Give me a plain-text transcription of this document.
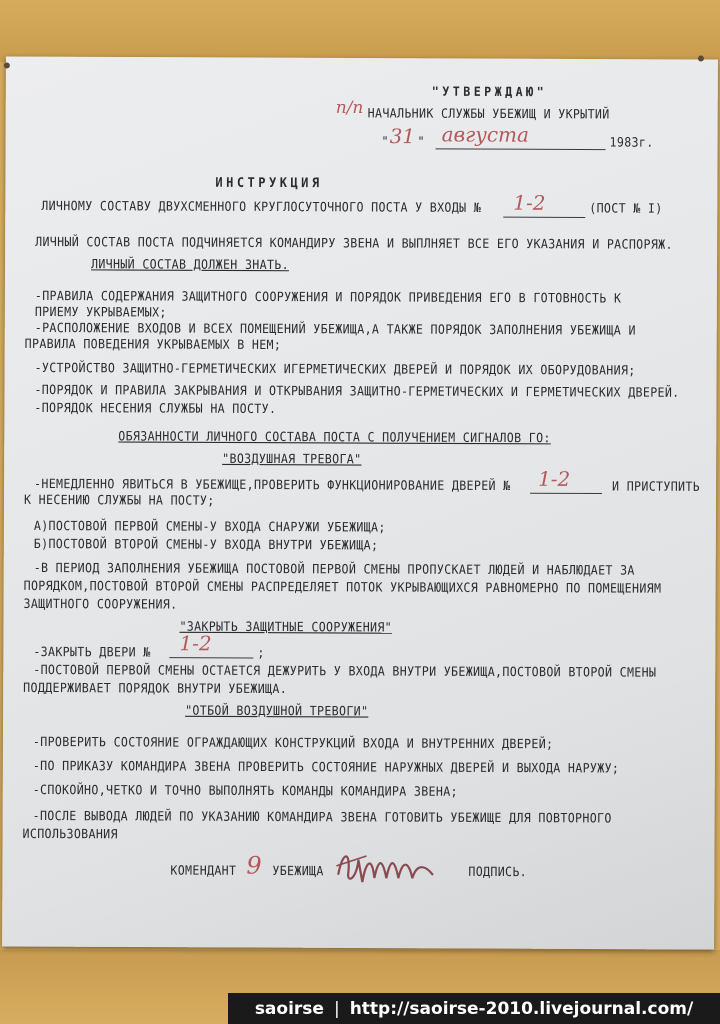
"УТВЕРЖДАЮ"
п/п НАЧАЛЬНИК СЛУЖБЫ УБЕЖИЩ И УКРЫТИЙ
" 31 " августа	1983г.
ИНСТРУКЦИЯ
ЛИЧНОМУ СОСТАВУ ДВУХСМЕННОГО КРУГЛОСУТОЧНОГО ПОСТА У ВХОДЫ № 1-2	(ПОСТ № I)
ЛИЧНЫЙ СОСТАВ ПОСТА ПОДЧИНЯЕТСЯ КОМАНДИРУ ЗВЕНА И ВЫПЛНЯЕТ ВСЕ ЕГО УКАЗАНИЯ И РАСПОРЯЖ.
ЛИЧНЫЙ СОСТАВ ДОЛЖЕН ЗНАТЬ.
-ПРАВИЛА СОДЕРЖАНИЯ ЗАЩИТНОГО СООРУЖЕНИЯ И ПОРЯДОК ПРИВЕДЕНИЯ ЕГО В ГОТОВНОСТЬ К
ПРИЕМУ УКРЫВАЕМЫХ;
-РАСПОЛОЖЕНИЕ ВХОДОВ И ВСЕХ ПОМЕЩЕНИЙ УБЕЖИЩА,А ТАКЖЕ ПОРЯДОК ЗАПОЛНЕНИЯ УБЕЖИЩА И
ПРАВИЛА ПОВЕДЕНИЯ УКРЫВАЕМЫХ В НЕМ;
-УСТРОЙСТВО ЗАЩИТНО-ГЕРМЕТИЧЕСКИХ ИГЕРМЕТИЧЕСКИХ ДВЕРЕЙ И ПОРЯДОК ИХ ОБОРУДОВАНИЯ;
-ПОРЯДОК И ПРАВИЛА ЗАКРЫВАНИЯ И ОТКРЫВАНИЯ ЗАЩИТНО-ГЕРМЕТИЧЕСКИХ И ГЕРМЕТИЧЕСКИХ ДВЕРЕЙ.
-ПОРЯДОК НЕСЕНИЯ СЛУЖБЫ НА ПОСТУ.
ОБЯЗАННОСТИ ЛИЧНОГО СОСТАВА ПОСТА С ПОЛУЧЕНИЕМ СИГНАЛОВ ГО:
"ВОЗДУШНАЯ ТРЕВОГА"
-НЕМЕДЛЕННО ЯВИТЬСЯ В УБЕЖИЩЕ,ПРОВЕРИТЬ ФУНКЦИОНИРОВАНИЕ ДВЕРЕЙ № 1-2	И ПРИСТУПИТЬ
К НЕСЕНИЮ СЛУЖБЫ НА ПОСТУ;
А)ПОСТОВОЙ ПЕРВОЙ СМЕНЫ-У ВХОДА СНАРУЖИ УБЕЖИЩА;
Б)ПОСТОВОЙ ВТОРОЙ СМЕНЫ-У ВХОДА ВНУТРИ УБЕЖИЩА;
-В ПЕРИОД ЗАПОЛНЕНИЯ УБЕЖИЩА ПОСТОВОЙ ПЕРВОЙ СМЕНЫ ПРОПУСКАЕТ ЛЮДЕЙ И НАБЛЮДАЕТ ЗА
ПОРЯДКОМ,ПОСТОВОЙ ВТОРОЙ СМЕНЫ РАСПРЕДЕЛЯЕТ ПОТОК УКРЫВАЮЩИХСЯ РАВНОМЕРНО ПО ПОМЕЩЕНИЯМ
ЗАЩИТНОГО СООРУЖЕНИЯ.
"ЗАКРЫТЬ ЗАЩИТНЫЕ СООРУЖЕНИЯ"
-ЗАКРЫТЬ ДВЕРИ № 1-2	;
-ПОСТОВОЙ ПЕРВОЙ СМЕНЫ ОСТАЕТСЯ ДЕЖУРИТЬ У ВХОДА ВНУТРИ УБЕЖИЩА,ПОСТОВОЙ ВТОРОЙ СМЕНЫ
ПОДДЕРЖИВАЕТ ПОРЯДОК ВНУТРИ УБЕЖИЩА.
"ОТБОЙ ВОЗДУШНОЙ ТРЕВОГИ"
-ПРОВЕРИТЬ СОСТОЯНИЕ ОГРАЖДАЮЩИХ КОНСТРУКЦИЙ ВХОДА И ВНУТРЕННИХ ДВЕРЕЙ;
-ПО ПРИКАЗУ КОМАНДИРА ЗВЕНА ПРОВЕРИТЬ СОСТОЯНИЕ НАРУЖНЫХ ДВЕРЕЙ И ВЫХОДА НАРУЖУ;
-СПОКОЙНО,ЧЕТКО И ТОЧНО ВЫПОЛНЯТЬ КОМАНДЫ КОМАНДИРА ЗВЕНА;
-ПОСЛЕ ВЫВОДА ЛЮДЕЙ ПО УКАЗАНИЮ КОМАНДИРА ЗВЕНА ГОТОВИТЬ УБЕЖИЩЕ ДЛЯ ПОВТОРНОГО
ИСПОЛЬЗОВАНИЯ
КОМЕНДАНТ 9 УБЕЖИЩА	ПОДПИСЬ.
saoirse | http://saoirse-2010.livejournal.com/
